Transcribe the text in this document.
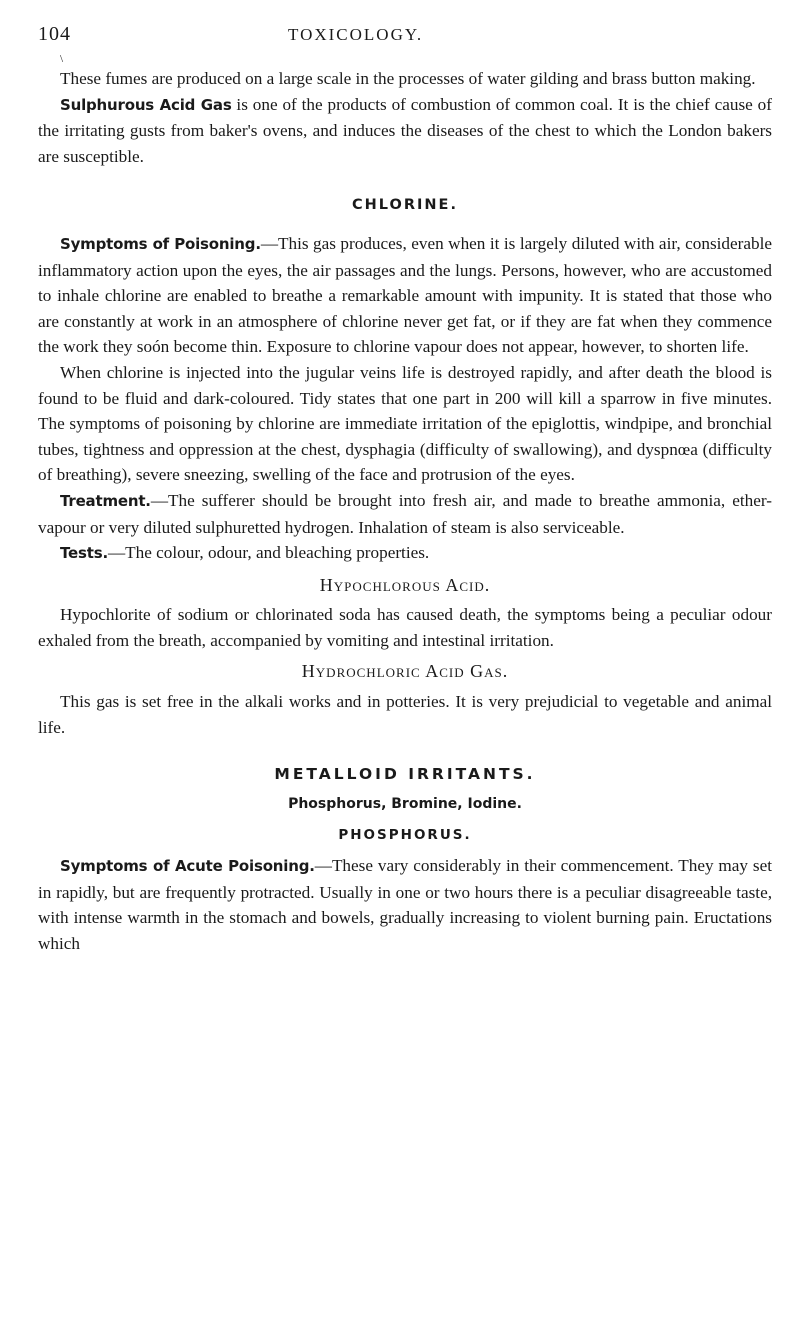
104	TOXICOLOGY.
\

These fumes are produced on a large scale in the processes of water gilding and brass button making.

Sulphurous Acid Gas is one of the products of combustion of common coal. It is the chief cause of the irritating gusts from baker's ovens, and induces the diseases of the chest to which the London bakers are susceptible.

CHLORINE.

Symptoms of Poisoning.—This gas produces, even when it is largely diluted with air, considerable inflammatory action upon the eyes, the air passages and the lungs. Persons, however, who are accustomed to inhale chlorine are enabled to breathe a remarkable amount with impunity. It is stated that those who are constantly at work in an atmosphere of chlorine never get fat, or if they are fat when they commence the work they soón become thin. Exposure to chlorine vapour does not appear, however, to shorten life.

When chlorine is injected into the jugular veins life is destroyed rapidly, and after death the blood is found to be fluid and dark-coloured. Tidy states that one part in 200 will kill a sparrow in five minutes. The symptoms of poisoning by chlorine are immediate irritation of the epiglottis, windpipe, and bronchial tubes, tightness and oppression at the chest, dysphagia (difficulty of swallowing), and dyspnœa (difficulty of breathing), severe sneezing, swelling of the face and protrusion of the eyes.

Treatment.—The sufferer should be brought into fresh air, and made to breathe ammonia, ether-vapour or very diluted sulphuretted hydrogen. Inhalation of steam is also serviceable.

Tests.—The colour, odour, and bleaching properties.

Hypochlorous Acid.

Hypochlorite of sodium or chlorinated soda has caused death, the symptoms being a peculiar odour exhaled from the breath, accompanied by vomiting and intestinal irritation.

Hydrochloric Acid Gas.

This gas is set free in the alkali works and in potteries. It is very prejudicial to vegetable and animal life.

METALLOID IRRITANTS.
Phosphorus, Bromine, Iodine.
PHOSPHORUS.

Symptoms of Acute Poisoning.—These vary considerably in their commencement. They may set in rapidly, but are frequently protracted. Usually in one or two hours there is a peculiar disagreeable taste, with intense warmth in the stomach and bowels, gradually increasing to violent burning pain. Eructations which
